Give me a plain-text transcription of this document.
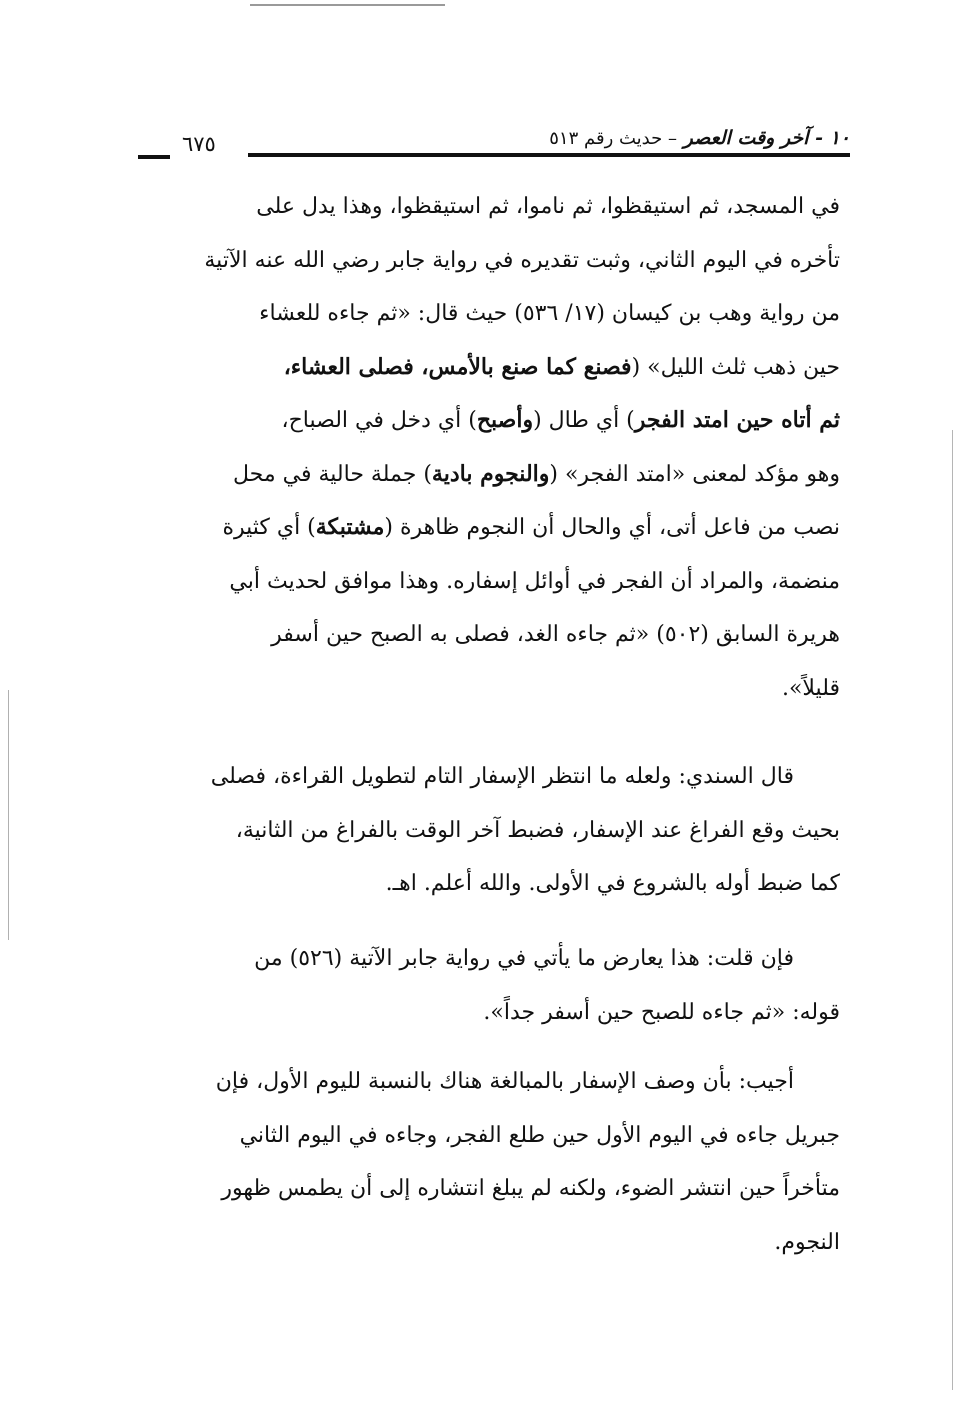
١٠ - آخر وقت العصر – حديث رقم ٥١٣
٦٧٥
في المسجد، ثم استيقظوا، ثم ناموا، ثم استيقظوا، وهذا يدل على
تأخره في اليوم الثاني، وثبت تقديره في رواية جابر رضي الله عنه الآتية
من رواية وهب بن كيسان (١٧/ ٥٣٦) حيث قال: «ثم جاءه للعشاء
حين ذهب ثلث الليل» (فصنع كما صنع بالأمس، فصلى العشاء،
ثم أتاه حين امتد الفجر) أي طال (وأصبح) أي دخل في الصباح،
وهو مؤكد لمعنى «امتد الفجر» (والنجوم بادية) جملة حالية في محل
نصب من فاعل أتى، أي والحال أن النجوم ظاهرة (مشتبكة) أي كثيرة
منضمة، والمراد أن الفجر في أوائل إسفاره. وهذا موافق لحديث أبي
هريرة السابق (٥٠٢) «ثم جاءه الغد، فصلى به الصبح حين أسفر
قليلاً».
قال السندي: ولعله ما انتظر الإسفار التام لتطويل القراءة، فصلى
بحيث وقع الفراغ عند الإسفار، فضبط آخر الوقت بالفراغ من الثانية،
كما ضبط أوله بالشروع في الأولى. والله أعلم. اهـ.
فإن قلت: هذا يعارض ما يأتي في رواية جابر الآتية (٥٢٦) من
قوله: «ثم جاءه للصبح حين أسفر جداً».
أجيب: بأن وصف الإسفار بالمبالغة هناك بالنسبة لليوم الأول، فإن
جبريل جاءه في اليوم الأول حين طلع الفجر، وجاءه في اليوم الثاني
متأخراً حين انتشر الضوء، ولكنه لم يبلغ انتشاره إلى أن يطمس ظهور
النجوم.
